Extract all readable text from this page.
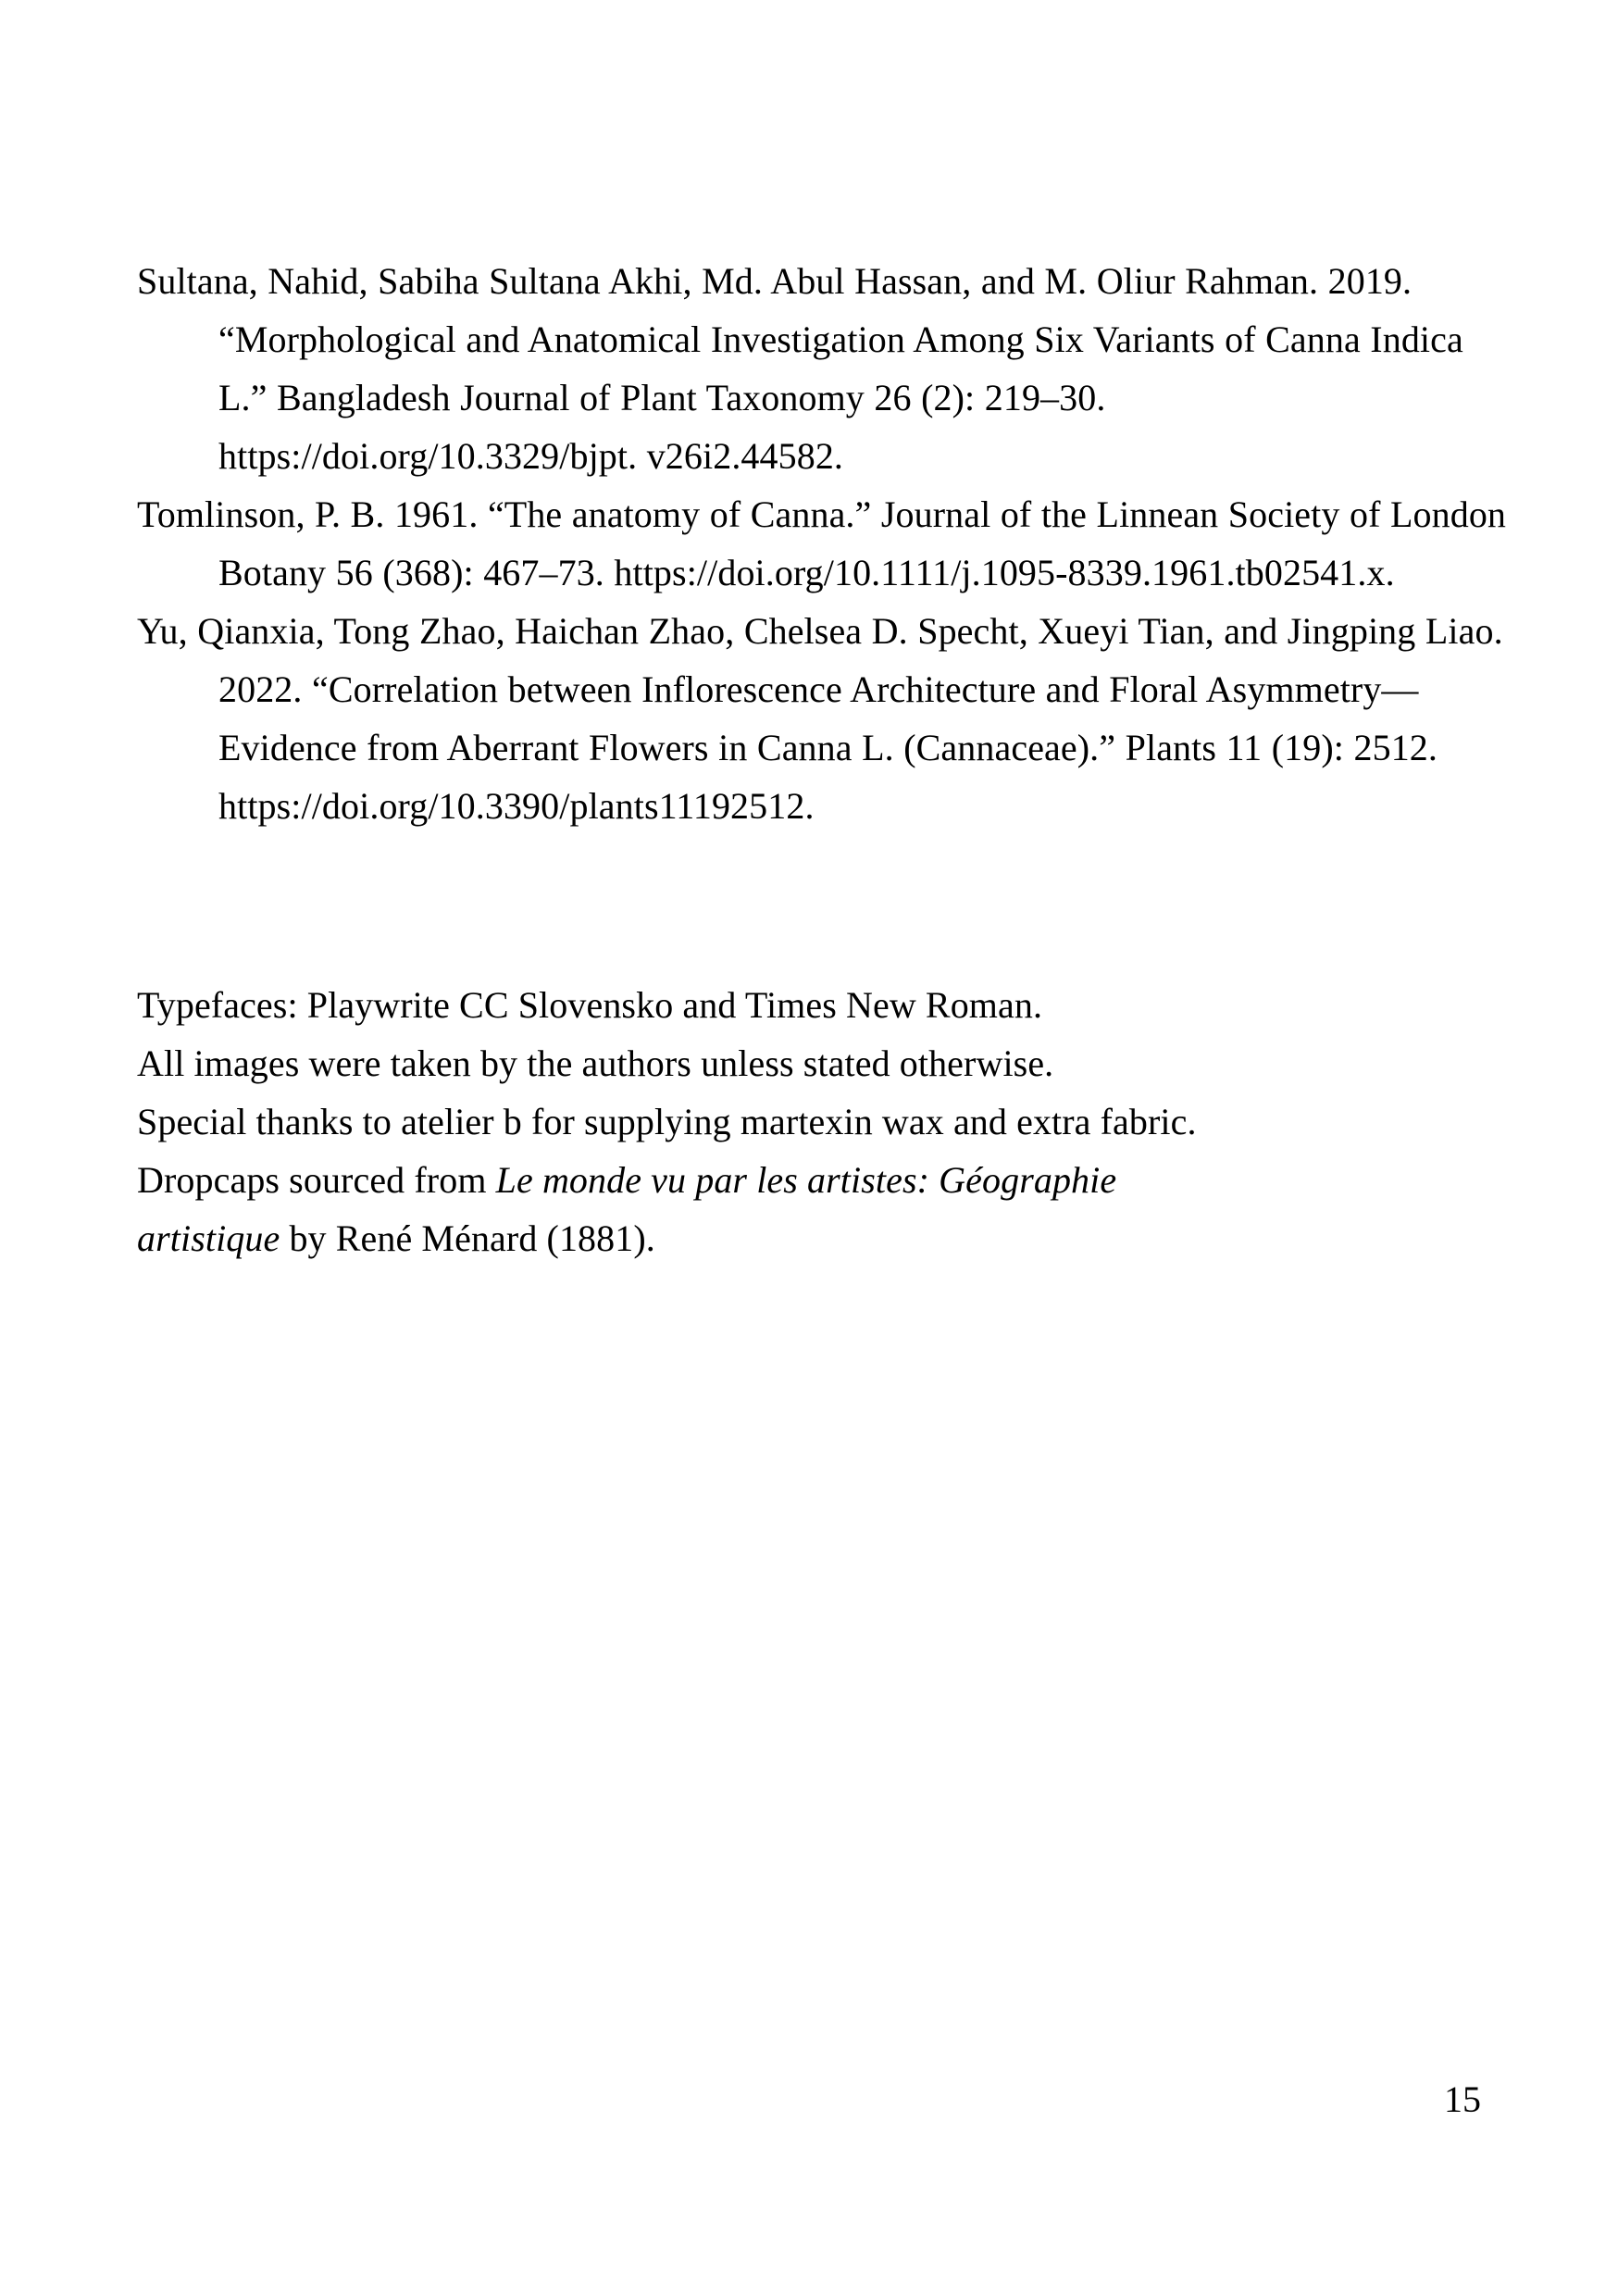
Sultana, Nahid, Sabiha Sultana Akhi, Md. Abul Hassan, and M. Oliur Rahman. 2019. “Morphological and Anatomical Investigation Among Six Variants of Canna Indica L.” Bangladesh Journal of Plant Taxonomy 26 (2): 219–30. https://doi.org/10.3329/bjpt. v26i2.44582.

Tomlinson, P. B. 1961. “The anatomy of Canna.” Journal of the Linnean Society of London Botany 56 (368): 467–73. https://doi.org/10.1111/j.1095-8339.1961.tb02541.x.

Yu, Qianxia, Tong Zhao, Haichan Zhao, Chelsea D. Specht, Xueyi Tian, and Jingping Liao. 2022. “Correlation between Inflorescence Architecture and Floral Asymmetry—Evidence from Aberrant Flowers in Canna L. (Cannaceae).” Plants 11 (19): 2512. https://doi.org/10.3390/plants11192512.

Typefaces: Playwrite CC Slovensko and Times New Roman.

All images were taken by the authors unless stated otherwise.

Special thanks to atelier b for supplying martexin wax and extra fabric.

Dropcaps sourced from Le monde vu par les artistes: Géographie
artistique by René Ménard (1881).

15
